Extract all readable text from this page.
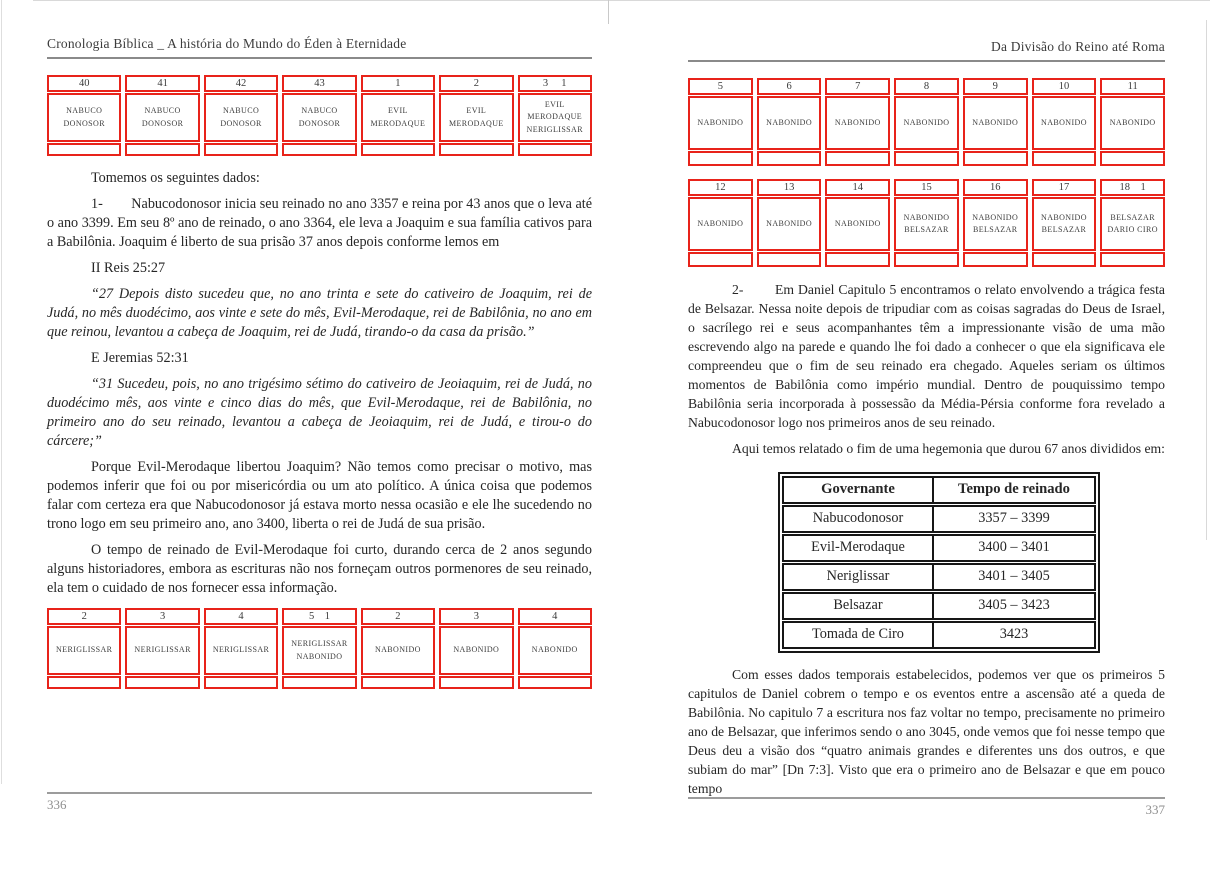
Cronologia Bíblica _ A história do Mundo do Éden à Eternidade
40
NABUCO DONOSOR
41
NABUCO DONOSOR
42
NABUCO DONOSOR
43
NABUCO DONOSOR
1
EVIL MERODAQUE
2
EVIL MERODAQUE
3     1
EVIL MERODAQUE NERIGLISSAR

Tomemos os seguintes dados:

1-        Nabucodonosor inicia seu reinado no ano 3357 e reina por 43 anos que o leva até o ano 3399. Em seu 8º ano de reinado, o ano 3364, ele leva a Joaquim e sua família cativos para a Babilônia. Joaquim é liberto de sua prisão 37 anos depois conforme lemos em

II Reis 25:27

“27 Depois disto sucedeu que, no ano trinta e sete do cativeiro de Joaquim, rei de Judá, no mês duodécimo, aos vinte e sete do mês, Evil-Merodaque, rei de Babilônia, no ano em que reinou, levantou a cabeça de Joaquim, rei de Judá, tirando-o da casa da prisão.”

E Jeremias 52:31

“31 Sucedeu, pois, no ano trigésimo sétimo do cativeiro de Jeoiaquim, rei de Judá, no duodécimo mês, aos vinte e cinco dias do mês, que Evil-Merodaque, rei de Babilônia, no primeiro ano do seu reinado, levantou a cabeça de Jeoiaquim, rei de Judá, e tirou-o do cárcere;”

Porque Evil-Merodaque libertou Joaquim? Não temos como precisar o motivo, mas podemos inferir que foi ou por misericórdia ou um ato político. A única coisa que podemos falar com certeza era que Nabucodonosor já estava morto nessa ocasião e ele lhe sucedendo no trono logo em seu primeiro ano, ano 3400, liberta o rei de Judá de sua prisão.

O tempo de reinado de Evil-Merodaque foi curto, durando cerca de 2 anos segundo alguns historiadores, embora as escrituras não nos forneçam outros pormenores de seu reinado, ela tem o cuidado de nos fornecer essa informação.

2
NERIGLISSAR
3
NERIGLISSAR
4
NERIGLISSAR
5    1
NERIGLISSAR NABONIDO
2
NABONIDO
3
NABONIDO
4
NABONIDO
336
Da Divisão do Reino até Roma
5
NABONIDO
6
NABONIDO
7
NABONIDO
8
NABONIDO
9
NABONIDO
10
NABONIDO
11
NABONIDO
12
NABONIDO
13
NABONIDO
14
NABONIDO
15
NABONIDO BELSAZAR
16
NABONIDO BELSAZAR
17
NABONIDO BELSAZAR
18    1
BELSAZAR DARIO CIRO

2-        Em Daniel Capitulo 5 encontramos o relato envolvendo a trágica festa de Belsazar. Nessa noite depois de tripudiar com as coisas sagradas do Deus de Israel, o sacrílego rei e seus acompanhantes têm a impressionante visão de uma mão escrevendo algo na parede e quando lhe foi dado a conhecer o que ela significava ele compreendeu que o fim de seu reinado era chegado. Aqueles seriam os últimos momentos de Babilônia como império mundial. Dentro de pouquissimo tempo Babilônia seria incorporada à possessão da Média-Pérsia conforme fora revelado a Nabucodonosor logo nos primeiros anos de seu reinado.

Aqui temos relatado o fim de uma hegemonia que durou 67 anos divididos em:

Governante	Tempo de reinado
Nabucodonosor	3357 – 3399
Evil-Merodaque	3400 – 3401
Neriglissar	3401 – 3405
Belsazar	3405 – 3423
Tomada de Ciro	3423

Com esses dados temporais estabelecidos, podemos ver que os primeiros 5 capitulos de Daniel cobrem o tempo e os eventos entre a ascensão até a queda de Babilônia. No capitulo 7 a escritura nos faz voltar no tempo, precisamente no primeiro ano de Belsazar, que inferimos sendo o ano 3045, onde vemos que foi nesse tempo que Deus deu a visão dos “quatro animais grandes e diferentes uns dos outros, e que subiam do mar” [Dn 7:3]. Visto que era o primeiro ano de Belsazar e que em pouco tempo

337
